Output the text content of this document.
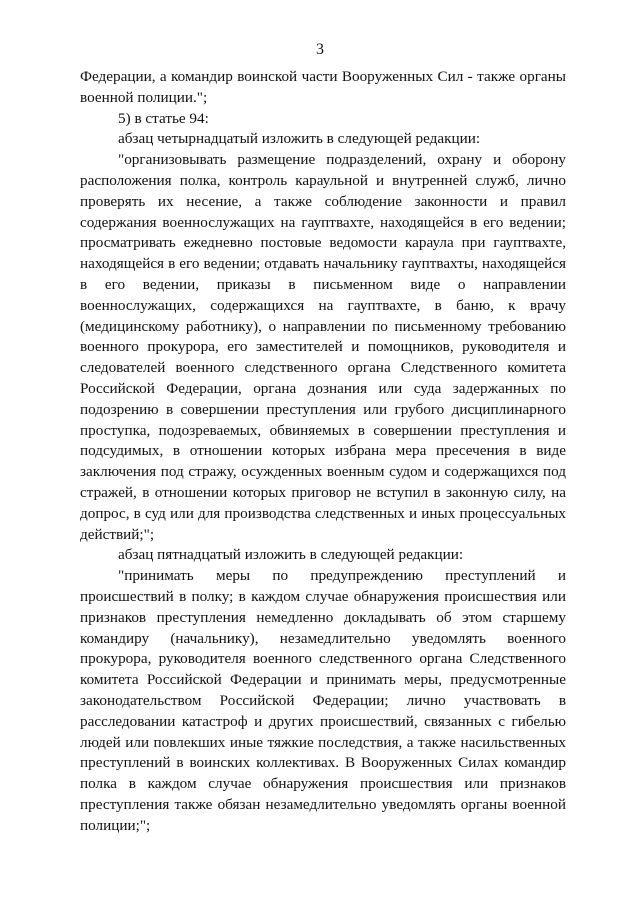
3

Федерации, а командир воинской части Вооруженных Сил - также органы военной полиции.";

5) в статье 94:

абзац четырнадцатый изложить в следующей редакции:

"организовывать размещение подразделений, охрану и оборону расположения полка, контроль караульной и внутренней служб, лично проверять их несение, а также соблюдение законности и правил содержания военнослужащих на гауптвахте, находящейся в его ведении; просматривать ежедневно постовые ведомости караула при гауптвахте, находящейся в его ведении; отдавать начальнику гауптвахты, находящейся в его ведении, приказы в письменном виде о направлении военнослужащих, содержащихся на гауптвахте, в баню, к врачу (медицинскому работнику), о направлении по письменному требованию военного прокурора, его заместителей и помощников, руководителя и следователей военного следственного органа Следственного комитета Российской Федерации, органа дознания или суда задержанных по подозрению в совершении преступления или грубого дисциплинарного проступка, подозреваемых, обвиняемых в совершении преступления и подсудимых, в отношении которых избрана мера пресечения в виде заключения под стражу, осужденных военным судом и содержащихся под стражей, в отношении которых приговор не вступил в законную силу, на допрос, в суд или для производства следственных и иных процессуальных действий;";

абзац пятнадцатый изложить в следующей редакции:

"принимать меры по предупреждению преступлений и происшествий в полку; в каждом случае обнаружения происшествия или признаков преступления немедленно докладывать об этом старшему командиру (начальнику), незамедлительно уведомлять военного прокурора, руководителя военного следственного органа Следственного комитета Российской Федерации и принимать меры, предусмотренные законодательством Российской Федерации; лично участвовать в расследовании катастроф и других происшествий, связанных с гибелью людей или повлекших иные тяжкие последствия, а также насильственных преступлений в воинских коллективах. В Вооруженных Силах командир полка в каждом случае обнаружения происшествия или признаков преступления также обязан незамедлительно уведомлять органы военной полиции;";
